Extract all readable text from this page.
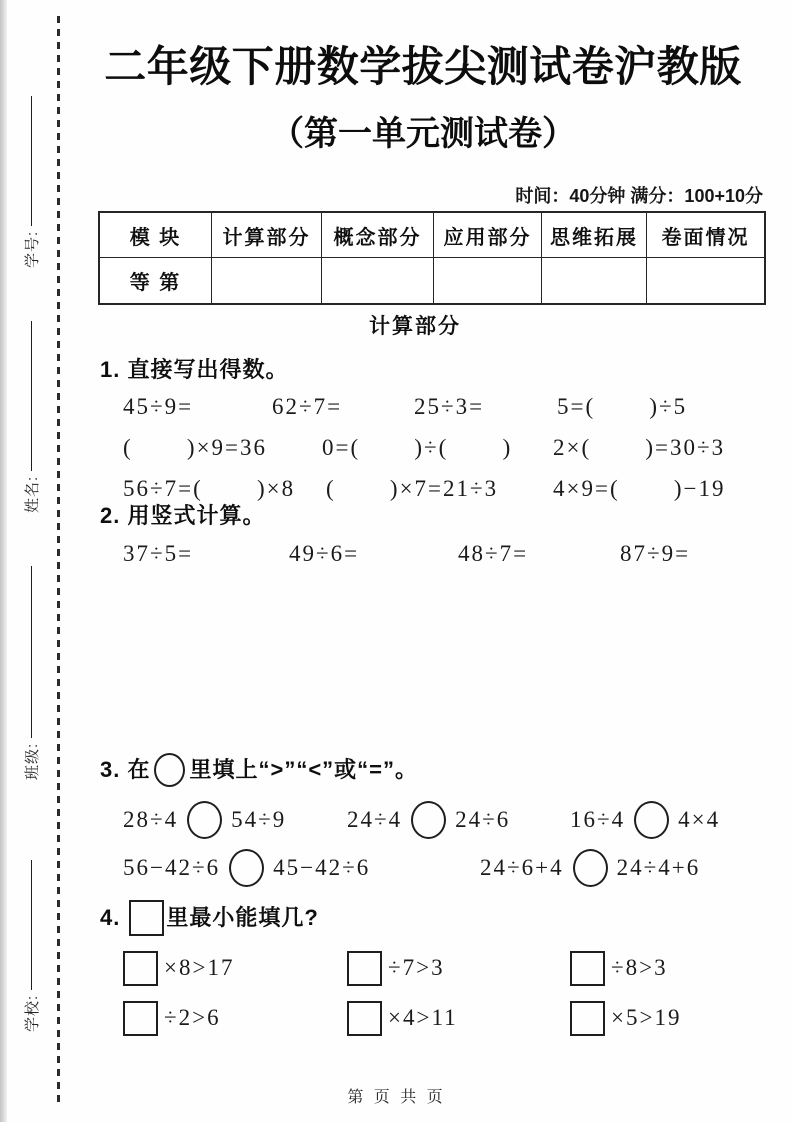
学号:
姓名:
班级:
学校:
二年级下册数学拔尖测试卷沪教版
（第一单元测试卷）
时间：40分钟 满分：100+10分
模 块	计算部分	概念部分	应用部分 思维拓展	卷面情况
等 第
计算部分
1. 直接写出得数。
45÷9=	62÷7=	25÷3=	5=(       )÷5
(       )×9=36 0=(       )÷(       ) 2×(       )=30÷3
56÷7=(       )×8 (       )×7=21÷3 4×9=(       )−19
2. 用竖式计算。
37÷5=	49÷6=	48÷7=	87÷9=
3. 在 里填上“>”“<”或“=”。
28÷4 54÷9	24÷4 24÷6	16÷4 4×4
56−42÷6 45−42÷6	24÷6+4 24÷4+6
4. 里最小能填几?
×8>17	÷7>3	÷8>3
÷2>6	×4>11	×5>19
第 页 共 页
